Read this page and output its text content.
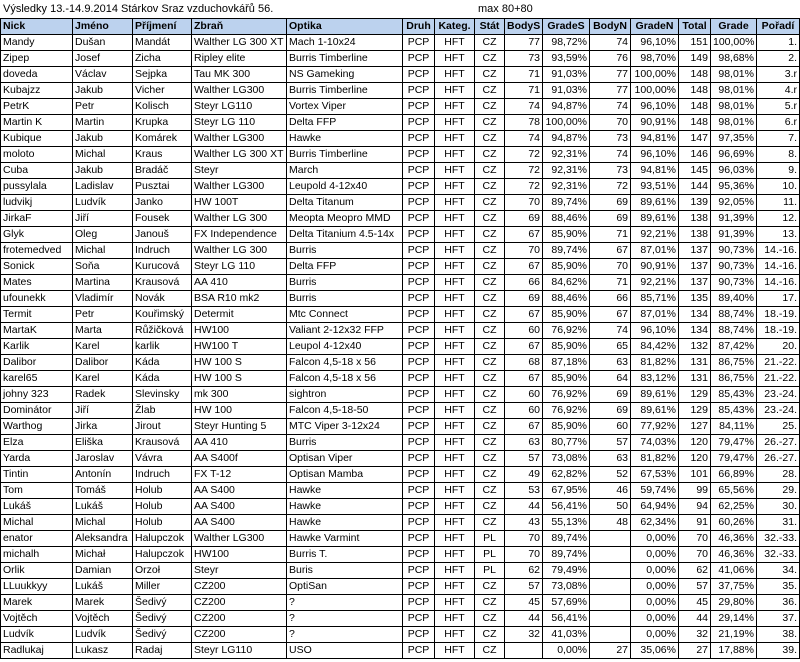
Výsledky 13.-14.9.2014 Stárkov Sraz vzduchovkářů 56.	max 80+80
Nick	Jméno	Příjmení	Zbraň	Optika	Druh	Kateg.	Stát	BodyS	GradeS	BodyN	GradeN	Total	Grade	Pořadí
Mandy	Dušan	Mandát	Walther LG 300 XT	Mach 1-10x24	PCP	HFT	CZ	77	98,72%	74	96,10%	151	100,00%	1.
Zipep	Josef	Zicha	Ripley elite	Burris Timberline	PCP	HFT	CZ	73	93,59%	76	98,70%	149	98,68%	2.
doveda	Václav	Sejpka	Tau MK 300	NS Gameking	PCP	HFT	CZ	71	91,03%	77	100,00%	148	98,01%	3.r
Kubajzz	Jakub	Vicher	Walther LG300	Burris Timberline	PCP	HFT	CZ	71	91,03%	77	100,00%	148	98,01%	4.r
PetrK	Petr	Kolisch	Steyr LG110	Vortex Viper	PCP	HFT	CZ	74	94,87%	74	96,10%	148	98,01%	5.r
Martin K	Martin	Krupka	Steyr LG 110	Delta FFP	PCP	HFT	CZ	78	100,00%	70	90,91%	148	98,01%	6.r
Kubique	Jakub	Komárek	Walther LG300	Hawke	PCP	HFT	CZ	74	94,87%	73	94,81%	147	97,35%	7.
moloto	Michal	Kraus	Walther LG 300 XT	Burris Timberline	PCP	HFT	CZ	72	92,31%	74	96,10%	146	96,69%	8.
Cuba	Jakub	Bradáč	Steyr	March	PCP	HFT	CZ	72	92,31%	73	94,81%	145	96,03%	9.
pussylala	Ladislav	Pusztai	Walther LG300	Leupold 4-12x40	PCP	HFT	CZ	72	92,31%	72	93,51%	144	95,36%	10.
ludvikj	Ludvík	Janko	HW 100T	Delta Titanum	PCP	HFT	CZ	70	89,74%	69	89,61%	139	92,05%	11.
JirkaF	Jiří	Fousek	Walther LG 300	Meopta Meopro MMD	PCP	HFT	CZ	69	88,46%	69	89,61%	138	91,39%	12.
Glyk	Oleg	Janouš	FX Independence	Delta Titanium 4.5-14x	PCP	HFT	CZ	67	85,90%	71	92,21%	138	91,39%	13.
frotemedved	Michal	Indruch	Walther LG 300	Burris	PCP	HFT	CZ	70	89,74%	67	87,01%	137	90,73%	14.-16.
Sonick	Soňa	Kurucová	Steyr LG 110	Delta FFP	PCP	HFT	CZ	67	85,90%	70	90,91%	137	90,73%	14.-16.
Mates	Martina	Krausová	AA 410	Burris	PCP	HFT	CZ	66	84,62%	71	92,21%	137	90,73%	14.-16.
ufounekk	Vladimír	Novák	BSA R10 mk2	Burris	PCP	HFT	CZ	69	88,46%	66	85,71%	135	89,40%	17.
Termit	Petr	Kouřimský	Determit	Mtc Connect	PCP	HFT	CZ	67	85,90%	67	87,01%	134	88,74%	18.-19.
MartaK	Marta	Růžičková	HW100	Valiant 2-12x32 FFP	PCP	HFT	CZ	60	76,92%	74	96,10%	134	88,74%	18.-19.
Karlik	Karel	karlik	HW100 T	Leupol 4-12x40	PCP	HFT	CZ	67	85,90%	65	84,42%	132	87,42%	20.
Dalibor	Dalibor	Káda	HW 100 S	Falcon 4,5-18 x 56	PCP	HFT	CZ	68	87,18%	63	81,82%	131	86,75%	21.-22.
karel65	Karel	Káda	HW 100 S	Falcon 4,5-18 x 56	PCP	HFT	CZ	67	85,90%	64	83,12%	131	86,75%	21.-22.
johny 323	Radek	Slevinsky	mk 300	sightron	PCP	HFT	CZ	60	76,92%	69	89,61%	129	85,43%	23.-24.
Dominátor	Jiří	Žlab	HW 100	Falcon 4,5-18-50	PCP	HFT	CZ	60	76,92%	69	89,61%	129	85,43%	23.-24.
Warthog	Jirka	Jirout	Steyr Hunting 5	MTC Viper 3-12x24	PCP	HFT	CZ	67	85,90%	60	77,92%	127	84,11%	25.
Elza	Eliška	Krausová	AA 410	Burris	PCP	HFT	CZ	63	80,77%	57	74,03%	120	79,47%	26.-27.
Yarda	Jaroslav	Vávra	AA S400f	Optisan Viper	PCP	HFT	CZ	57	73,08%	63	81,82%	120	79,47%	26.-27.
Tintin	Antonín	Indruch	FX T-12	Optisan Mamba	PCP	HFT	CZ	49	62,82%	52	67,53%	101	66,89%	28.
Tom	Tomáš	Holub	AA S400	Hawke	PCP	HFT	CZ	53	67,95%	46	59,74%	99	65,56%	29.
Lukáš	Lukáš	Holub	AA S400	Hawke	PCP	HFT	CZ	44	56,41%	50	64,94%	94	62,25%	30.
Michal	Michal	Holub	AA S400	Hawke	PCP	HFT	CZ	43	55,13%	48	62,34%	91	60,26%	31.
enator	Aleksandra	Halupczok	Walther LG300	Hawke Varmint	PCP	HFT	PL	70	89,74%		0,00%	70	46,36%	32.-33.
michalh	Michał	Halupczok	HW100	Burris T.	PCP	HFT	PL	70	89,74%		0,00%	70	46,36%	32.-33.
Orlik	Damian	Orzoł	Steyr	Buris	PCP	HFT	PL	62	79,49%		0,00%	62	41,06%	34.
LLuukkyy	Lukáš	Miller	CZ200	OptiSan	PCP	HFT	CZ	57	73,08%		0,00%	57	37,75%	35.
Marek	Marek	Šedivý	CZ200	?	PCP	HFT	CZ	45	57,69%		0,00%	45	29,80%	36.
Vojtěch	Vojtěch	Šedivý	CZ200	?	PCP	HFT	CZ	44	56,41%		0,00%	44	29,14%	37.
Ludvík	Ludvík	Šedivý	CZ200	?	PCP	HFT	CZ	32	41,03%		0,00%	32	21,19%	38.
Radlukaj	Lukasz	Radaj	Steyr LG110	USO	PCP	HFT	CZ		0,00%	27	35,06%	27	17,88%	39.
